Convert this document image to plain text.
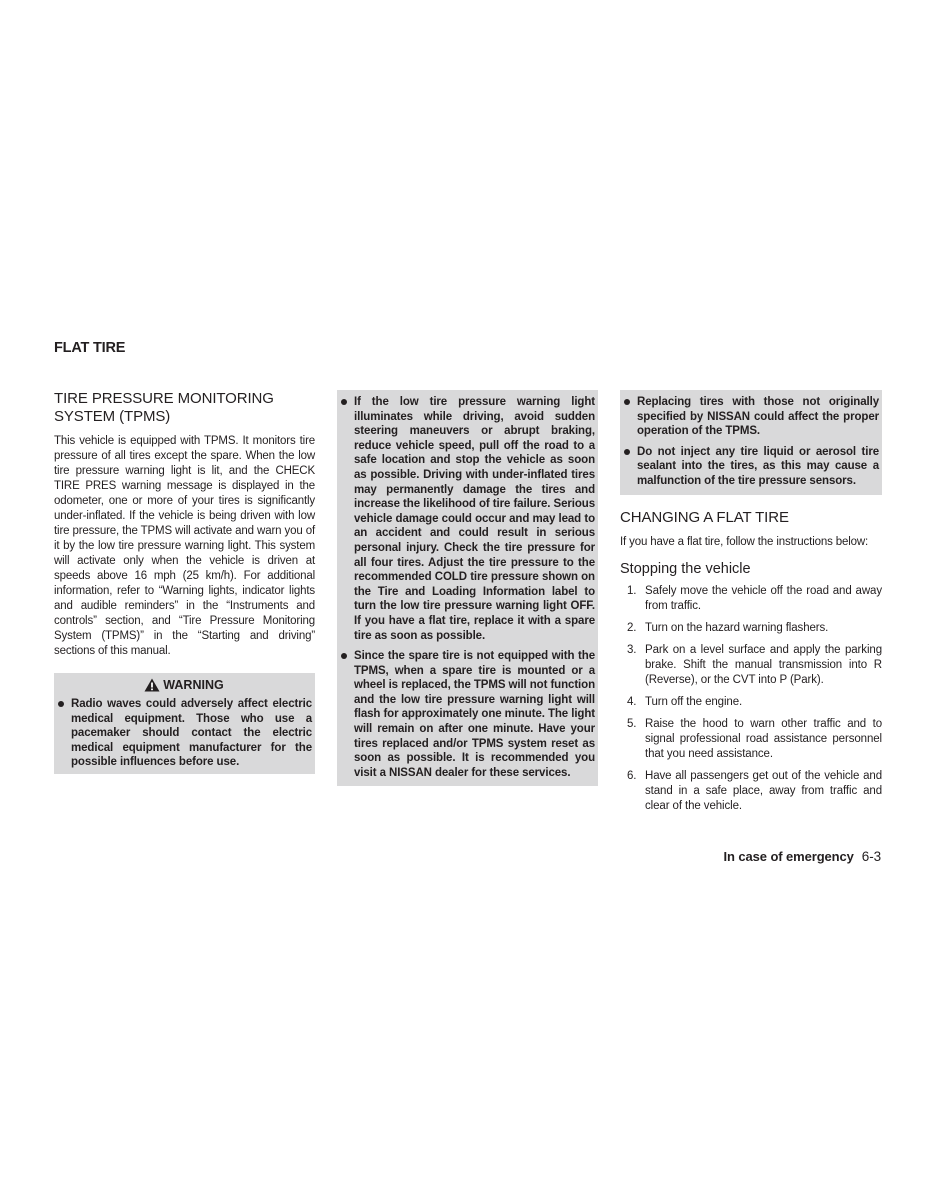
FLAT TIRE
TIRE PRESSURE MONITORING SYSTEM (TPMS)

This vehicle is equipped with TPMS. It monitors tire pressure of all tires except the spare. When the low tire pressure warning light is lit, and the CHECK TIRE PRES warning message is displayed in the odometer, one or more of your tires is significantly under-inflated. If the vehicle is being driven with low tire pressure, the TPMS will activate and warn you of it by the low tire pressure warning light. This system will activate only when the vehicle is driven at speeds above 16 mph (25 km/h). For additional information, refer to “Warning lights, indicator lights and audible reminders” in the “Instruments and controls” section, and “Tire Pressure Monitoring System (TPMS)” in the “Starting and driving” sections of this manual.

WARNING
Radio waves could adversely affect electric medical equipment. Those who use a pacemaker should contact the electric medical equipment manufacturer for the possible influences before use.
If the low tire pressure warning light illuminates while driving, avoid sudden steering maneuvers or abrupt braking, reduce vehicle speed, pull off the road to a safe location and stop the vehicle as soon as possible. Driving with under-inflated tires may permanently damage the tires and increase the likelihood of tire failure. Serious vehicle damage could occur and may lead to an accident and could result in serious personal injury. Check the tire pressure for all four tires. Adjust the tire pressure to the recommended COLD tire pressure shown on the Tire and Loading Information label to turn the low tire pressure warning light OFF. If you have a flat tire, replace it with a spare tire as soon as possible.
Since the spare tire is not equipped with the TPMS, when a spare tire is mounted or a wheel is replaced, the TPMS will not function and the low tire pressure warning light will flash for approximately one minute. The light will remain on after one minute. Have your tires replaced and/or TPMS system reset as soon as possible. It is recommended you visit a NISSAN dealer for these services.
Replacing tires with those not originally specified by NISSAN could affect the proper operation of the TPMS.
Do not inject any tire liquid or aerosol tire sealant into the tires, as this may cause a malfunction of the tire pressure sensors.
CHANGING A FLAT TIRE

If you have a flat tire, follow the instructions below:

Stopping the vehicle
1. Safely move the vehicle off the road and away from traffic.
2. Turn on the hazard warning flashers.
3. Park on a level surface and apply the parking brake. Shift the manual transmission into R (Reverse), or the CVT into P (Park).
4. Turn off the engine.
5. Raise the hood to warn other traffic and to signal professional road assistance personnel that you need assistance.
6. Have all passengers get out of the vehicle and stand in a safe place, away from traffic and clear of the vehicle.
In case of emergency 6-3
